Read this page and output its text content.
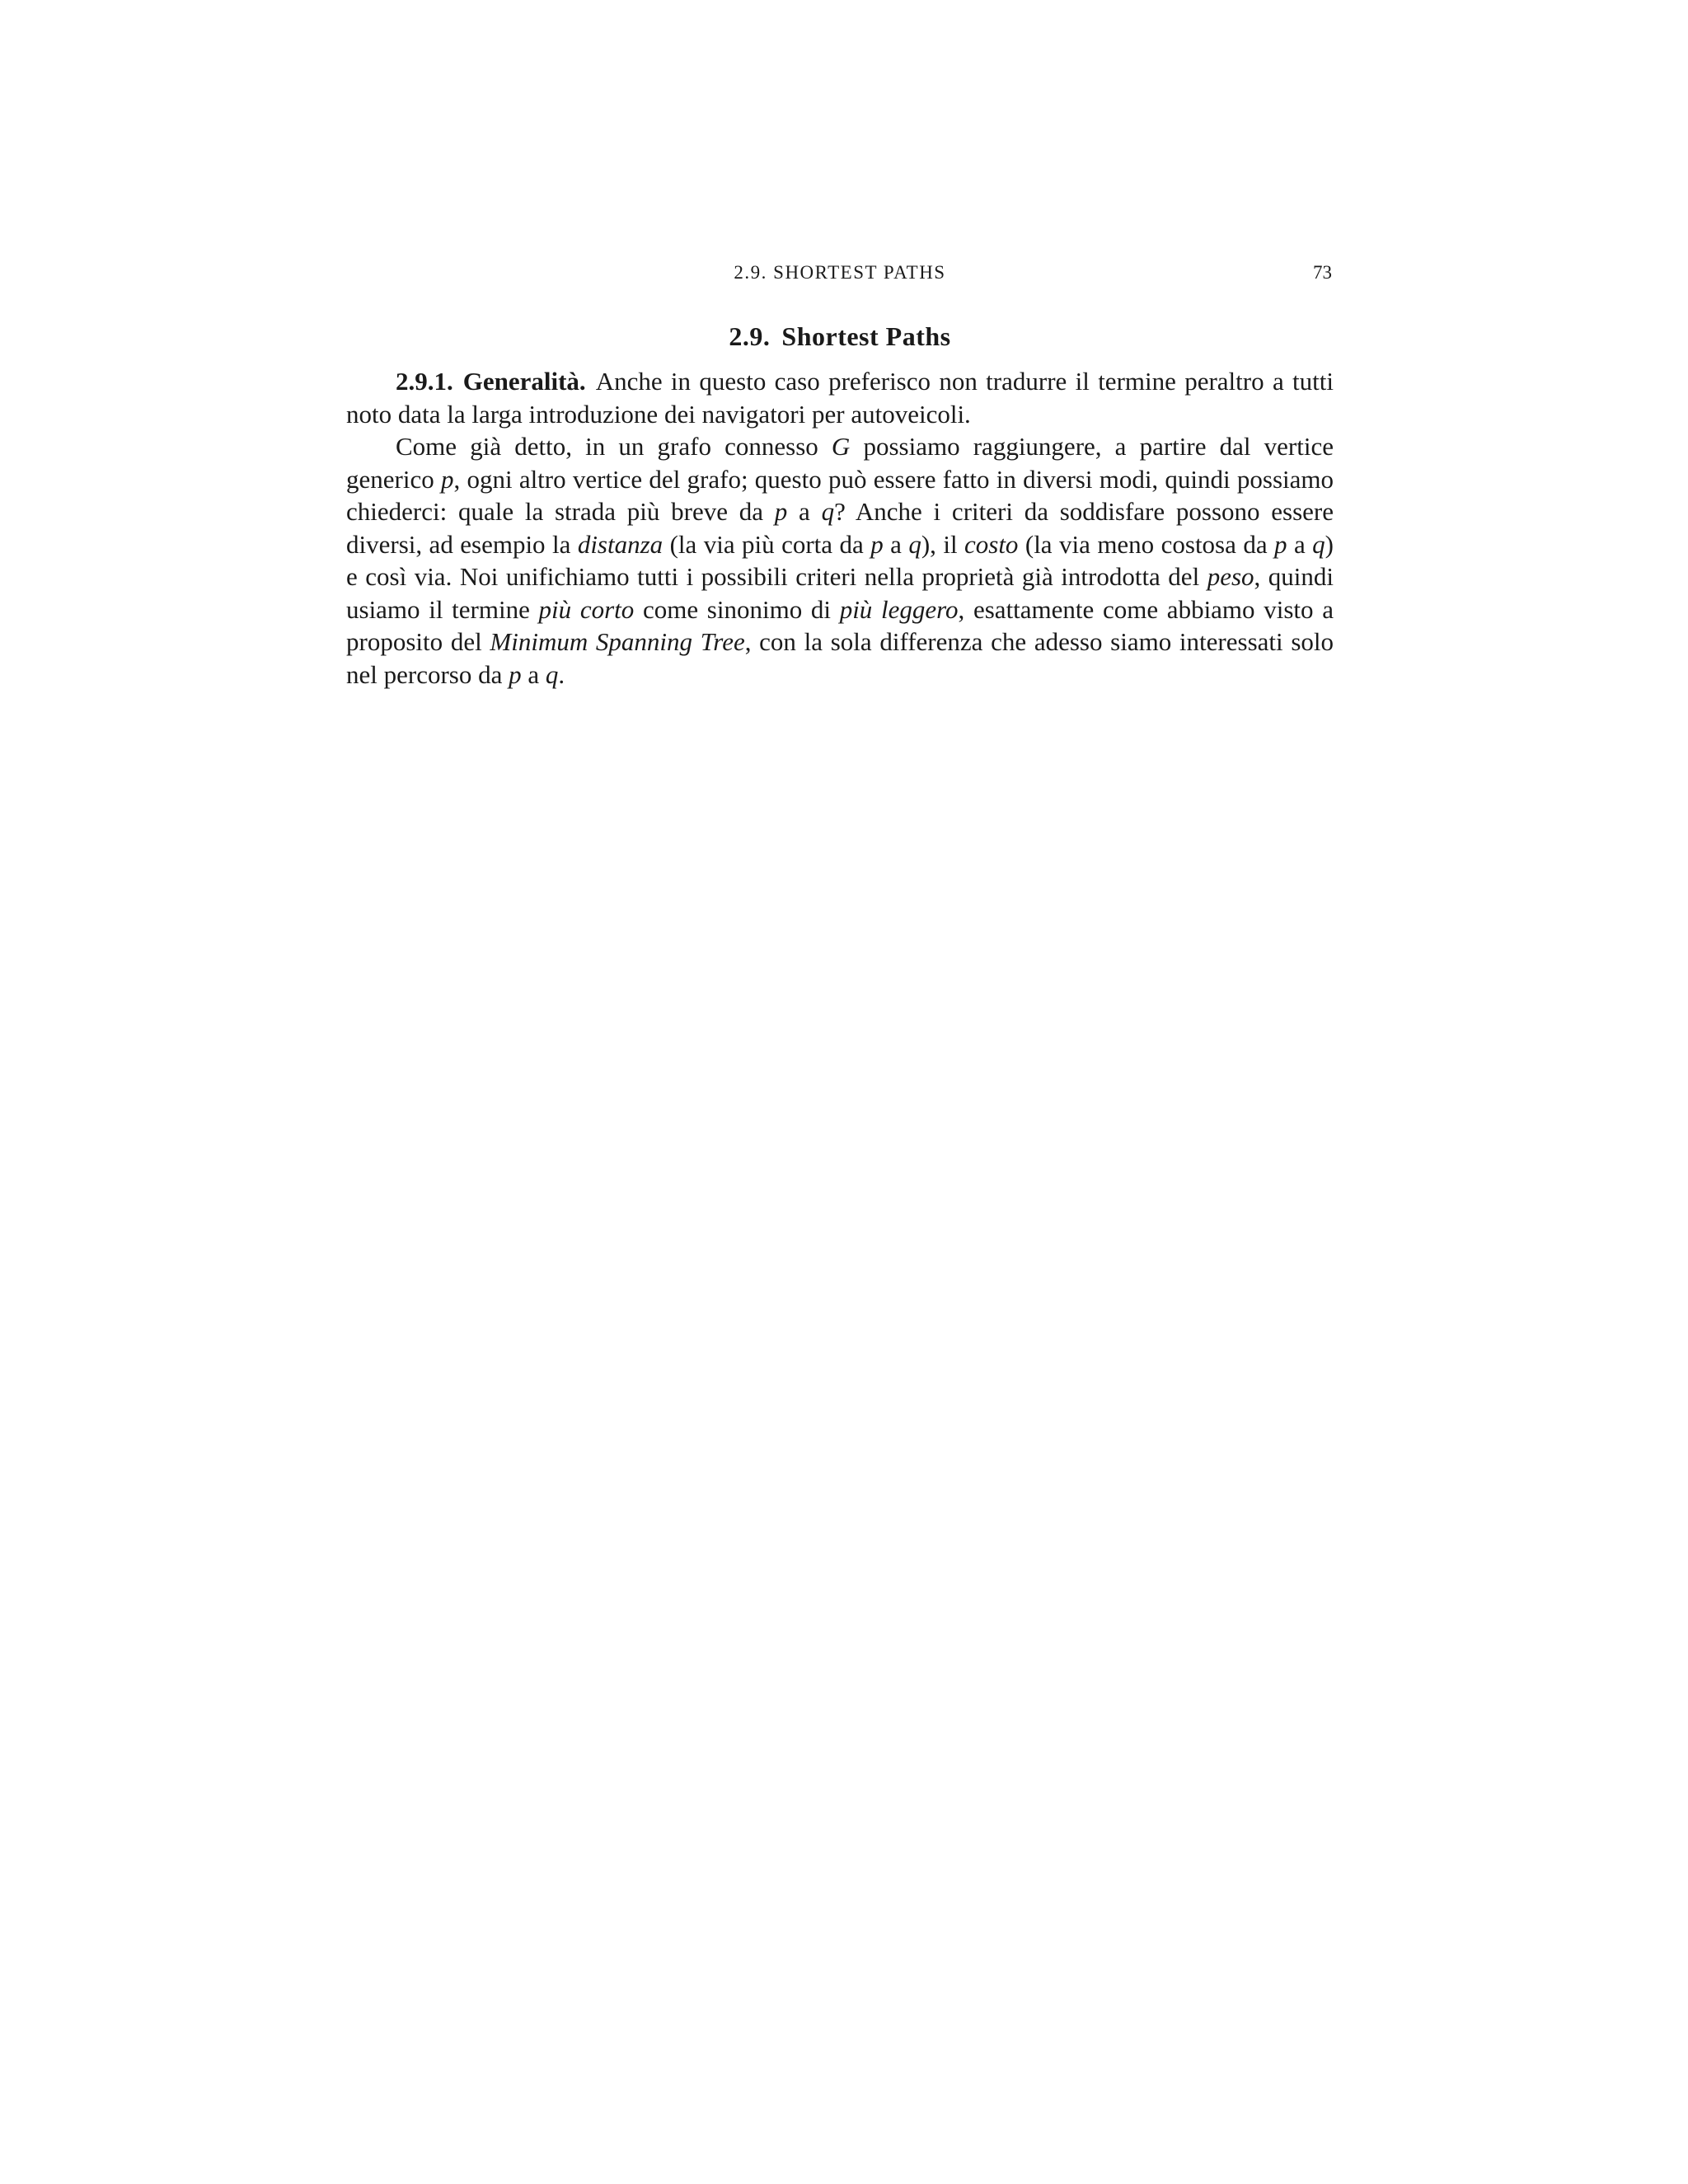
2.9. SHORTEST PATHS	73
2.9. Shortest Paths

2.9.1. Generalità. Anche in questo caso preferisco non tradurre il termine peraltro a tutti noto data la larga introduzione dei navigatori per autoveicoli.

Come già detto, in un grafo connesso G possiamo raggiungere, a partire dal vertice generico p, ogni altro vertice del grafo; questo può essere fatto in diversi modi, quindi possiamo chiederci: quale la strada più breve da p a q? Anche i criteri da soddisfare possono essere diversi, ad esempio la distanza (la via più corta da p a q), il costo (la via meno costosa da p a q) e così via. Noi unifichiamo tutti i possibili criteri nella proprietà già introdotta del peso, quindi usiamo il termine più corto come sinonimo di più leggero, esattamente come abbiamo visto a proposito del Minimum Spanning Tree, con la sola differenza che adesso siamo interessati solo nel percorso da p a q.
